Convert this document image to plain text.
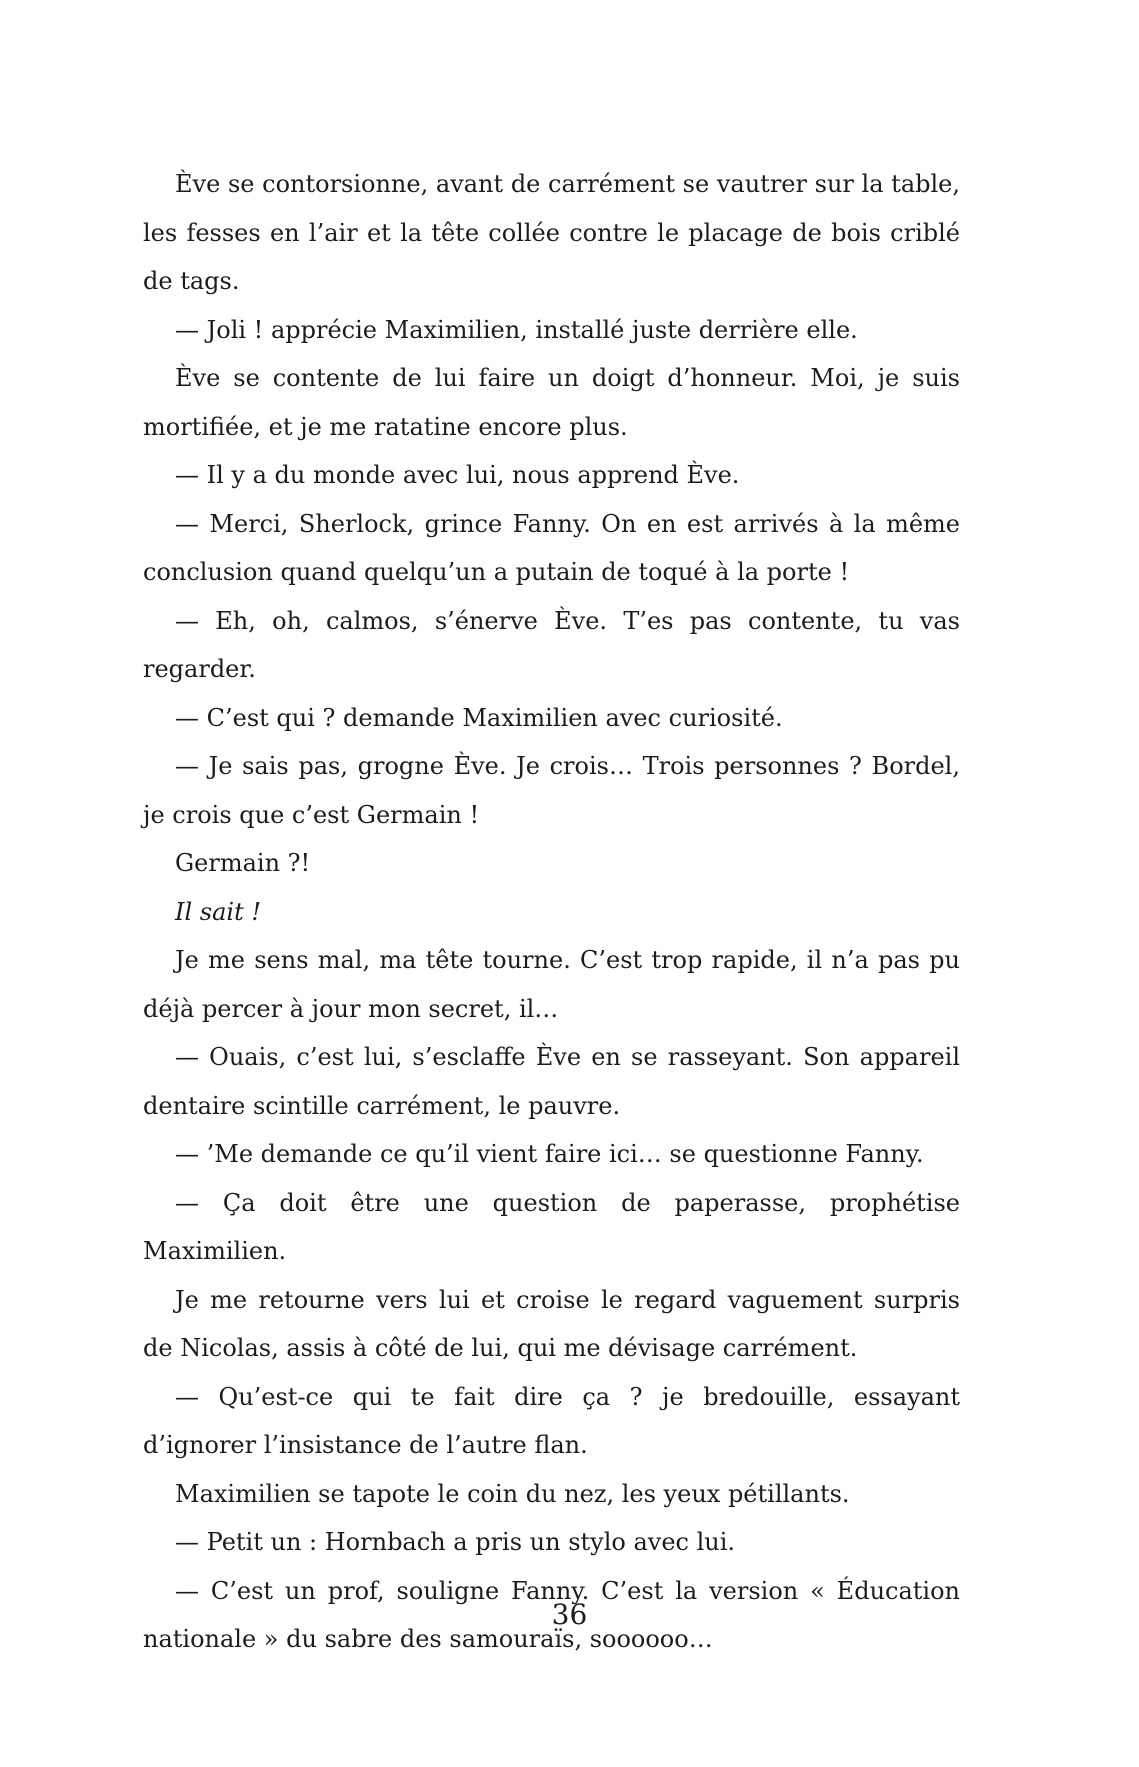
Ève se contorsionne, avant de carrément se vautrer sur la table, les fesses en l’air et la tête collée contre le placage de bois criblé de tags.

— Joli ! apprécie Maximilien, installé juste derrière elle.

Ève se contente de lui faire un doigt d’honneur. Moi, je suis mortifiée, et je me ratatine encore plus.

— Il y a du monde avec lui, nous apprend Ève.

— Merci, Sherlock, grince Fanny. On en est arrivés à la même conclusion quand quelqu’un a putain de toqué à la porte !

— Eh, oh, calmos, s’énerve Ève. T’es pas contente, tu vas regarder.

— C’est qui ? demande Maximilien avec curiosité.

— Je sais pas, grogne Ève. Je crois… Trois personnes ? Bordel, je crois que c’est Germain !

Germain ?!

Il sait !

Je me sens mal, ma tête tourne. C’est trop rapide, il n’a pas pu déjà percer à jour mon secret, il…

— Ouais, c’est lui, s’esclaffe Ève en se rasseyant. Son appareil dentaire scintille carrément, le pauvre.

— ’Me demande ce qu’il vient faire ici… se questionne Fanny.

— Ça doit être une question de paperasse, prophétise Maximilien.

Je me retourne vers lui et croise le regard vaguement surpris de Nicolas, assis à côté de lui, qui me dévisage carrément.

— Qu’est-ce qui te fait dire ça ? je bredouille, essayant d’ignorer l’insistance de l’autre flan.

Maximilien se tapote le coin du nez, les yeux pétillants.

— Petit un : Hornbach a pris un stylo avec lui.

— C’est un prof, souligne Fanny. C’est la version « Éducation nationale » du sabre des samouraïs, soooooo…

36
